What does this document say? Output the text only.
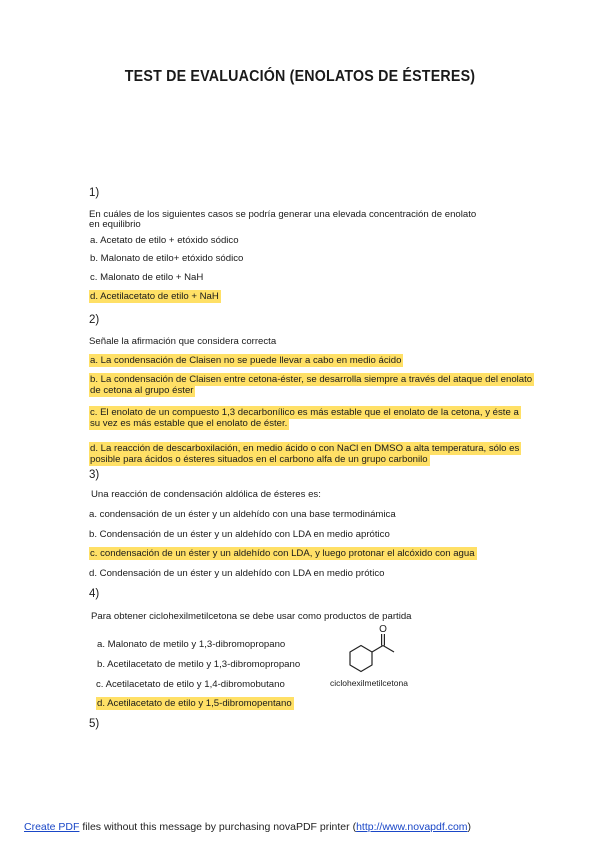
TEST DE EVALUACIÓN (ENOLATOS DE ÉSTERES)
1)
En cuáles de los siguientes casos se podría generar una elevada concentración de enolato
en equilibrio
a. Acetato de etilo + etóxido sódico
b. Malonato de etilo+ etóxido sódico
c. Malonato de etilo + NaH
d. Acetilacetato de etilo + NaH
2)
Señale la afirmación que considera correcta
a. La condensación de Claisen no se puede llevar a cabo en medio ácido
b. La condensación de Claisen entre cetona-éster, se desarrolla siempre a través del ataque del enolato de cetona al grupo éster
c. El enolato de un compuesto 1,3 decarbonílico es más estable que el enolato de la cetona, y éste a su vez es más estable que el enolato de éster.
d. La reacción de descarboxilación, en medio ácido o con NaCl en DMSO a alta temperatura, sólo es posible para ácidos o ésteres situados en el carbono alfa de un grupo carbonilo
3)
Una reacción de condensación aldólica de ésteres es:
a. condensación de un éster y un aldehído con una base termodinámica
b. Condensación de un éster y un aldehído con LDA en medio aprótico
c. condensación de un éster y un aldehído con LDA, y luego protonar el alcóxido con agua
d. Condensación de un éster y un aldehído con LDA en medio prótico
4)
Para obtener ciclohexilmetilcetona se debe usar como productos de partida
a. Malonato de metilo y 1,3-dibromopropano
b. Acetilacetato de metilo y 1,3-dibromopropano
c. Acetilacetato de etilo y 1,4-dibromobutano
d. Acetilacetato de etilo y 1,5-dibromopentano
O
ciclohexilmetilcetona
5)
Create PDF files without this message by purchasing novaPDF printer (http://www.novapdf.com)
